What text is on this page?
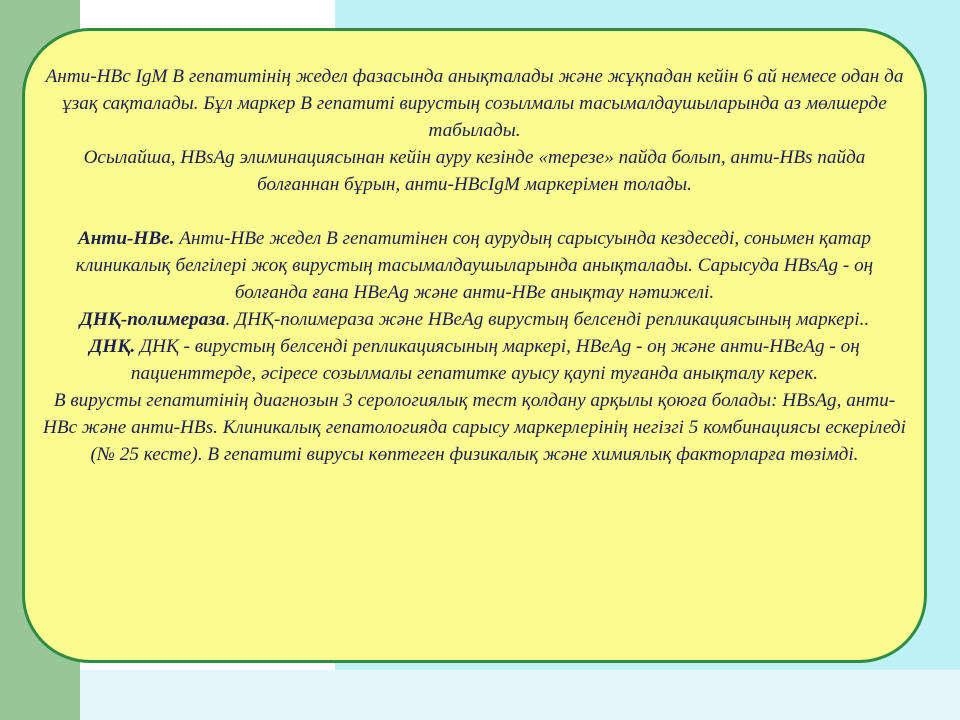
Анти-HBc IgM В гепатитінің жедел фазасында анықталады және жұқпадан кейін 6 ай немесе одан да ұзақ сақталады. Бұл маркер В гепатиті вирустың созылмалы тасымалдаушыларында аз мөлшерде табылады.

Осылайша, HBsAg элиминациясынан кейін ауру кезінде «терезе» пайда болып, анти-HBs пайда болғаннан бұрын, анти-HBcIgM маркерімен толады.

Анти-HBe. Анти-HBe жедел В гепатитінен соң аурудың сарысуында кездеседі, сонымен қатар клиникалық белгілері жоқ вирустың тасымалдаушыларында анықталады. Сарысуда HBsAg - оң болғанда ғана HBeAg және анти-HBe анықтау нәтижелі.

ДНҚ-полимераза. ДНҚ-полимераза және HBeAg вирустың белсенді репликациясының маркері..

ДНҚ. ДНҚ - вирустың белсенді репликациясының маркері, HBeAg - оң және анти-HBeAg - оң пациенттерде, әсіресе созылмалы гепатитке ауысу қаупі туғанда анықталу керек.

В вирусты гепатитінің диагнозын 3 серологиялық тест қолдану арқылы қоюға болады: HBsAg, анти-HBc және анти-HBs. Клиникалық гепатологияда сарысу маркерлерінің негізгі 5 комбинациясы ескеріледі (№ 25 кесте). В гепатиті вирусы көптеген физикалық және химиялық факторларға төзімді.
